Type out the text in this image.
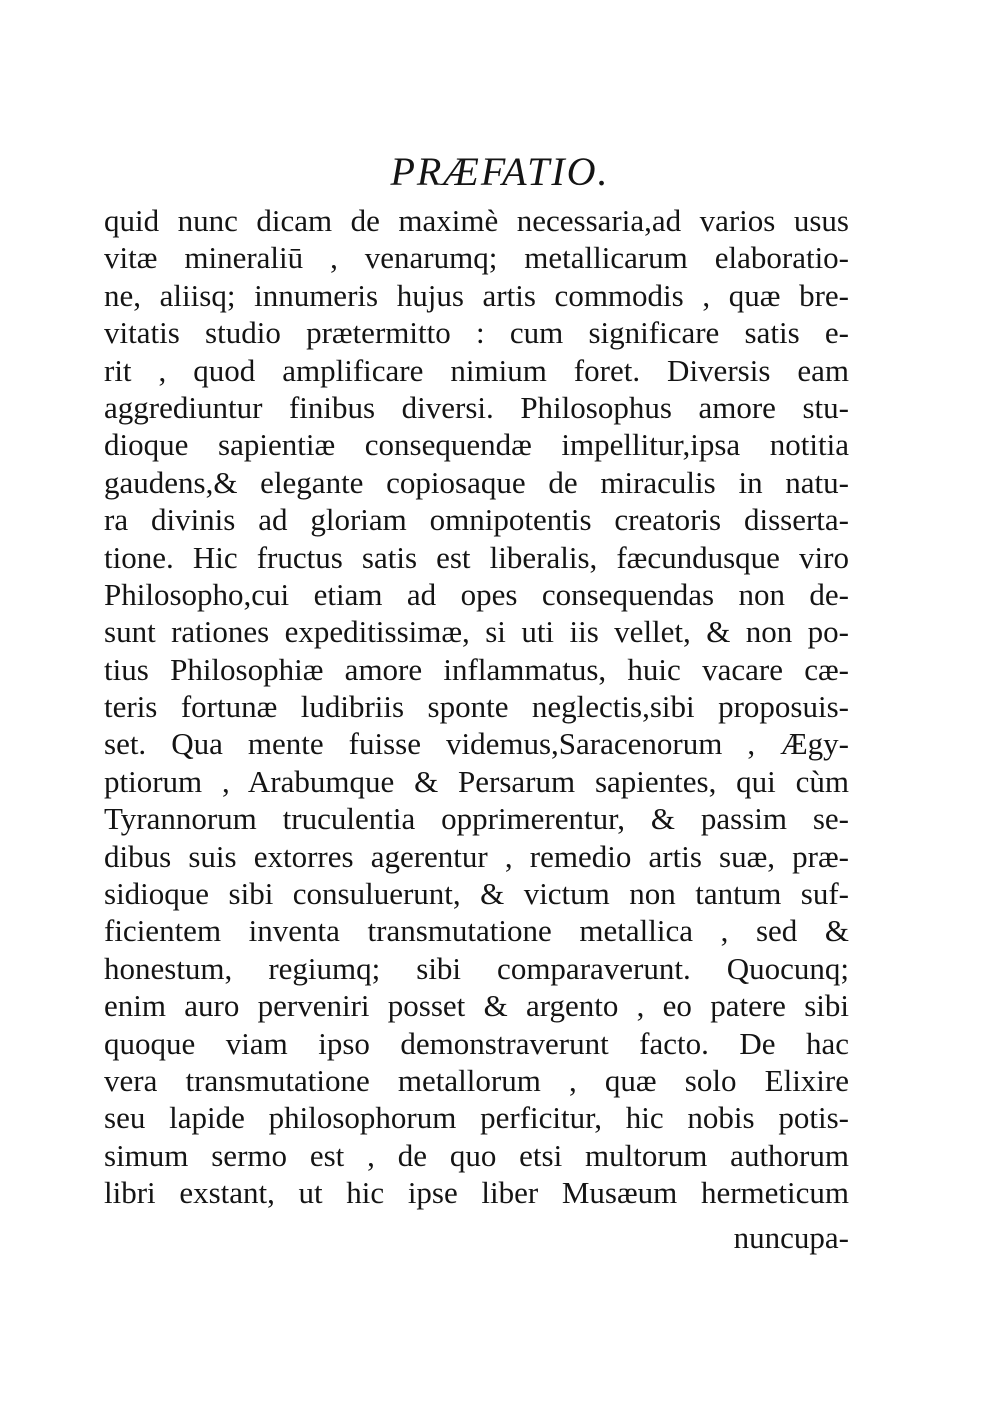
PRÆFATIO.
quid nunc dicam de maximè necessaria,ad varios usus
vitæ mineraliū , venarumq; metallicarum elaboratio-
ne, aliisq; innumeris hujus artis commodis , quæ bre-
vitatis studio prætermitto : cum significare satis e-
rit , quod amplificare nimium foret. Diversis eam
aggrediuntur finibus diversi. Philosophus amore stu-
dioque sapientiæ consequendæ impellitur,ipsa notitia
gaudens,& elegante copiosaque de miraculis in natu-
ra divinis ad gloriam omnipotentis creatoris disserta-
tione. Hic fructus satis est liberalis, fæcundusque viro
Philosopho,cui etiam ad opes consequendas non de-
sunt rationes expeditissimæ, si uti iis vellet, & non po-
tius Philosophiæ amore inflammatus, huic vacare cæ-
teris fortunæ ludibriis sponte neglectis,sibi proposuis-
set. Qua mente fuisse videmus,Saracenorum , Ægy-
ptiorum , Arabumque & Persarum sapientes, qui cùm
Tyrannorum truculentia opprimerentur, & passim se-
dibus suis extorres agerentur , remedio artis suæ, præ-
sidioque sibi consuluerunt, & victum non tantum suf-
ficientem inventa transmutatione metallica , sed &
honestum, regiumq; sibi comparaverunt. Quocunq;
enim auro perveniri posset & argento , eo patere sibi
quoque viam ipso demonstraverunt facto. De hac
vera transmutatione metallorum , quæ solo Elixire
seu lapide philosophorum perficitur, hic nobis potis-
simum sermo est , de quo etsi multorum authorum
libri exstant, ut hic ipse liber Musæum hermeticum
nuncupa-
